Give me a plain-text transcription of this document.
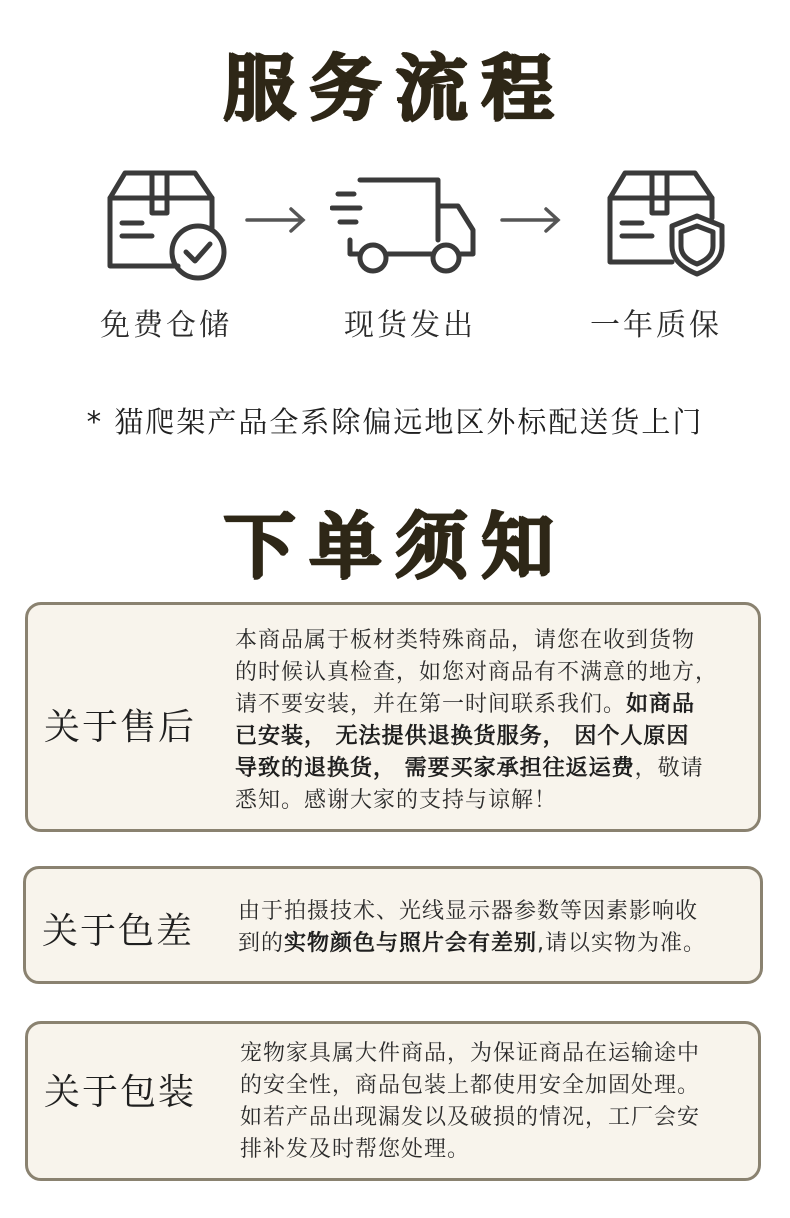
服务流程
免费仓储	现货发出	一年质保
* 猫爬架产品全系除偏远地区外标配送货上门
下单须知
关于售后
本商品属于板材类特殊商品，请您在收到货物
的时候认真检查，如您对商品有不满意的地方，
请不要安装，并在第一时间联系我们。如商品
已安装， 无法提供退换货服务， 因个人原因
导致的退换货， 需要买家承担往返运费，敬请
悉知。感谢大家的支持与谅解！
关于色差 由于拍摄技术、光线显示器参数等因素影响收
到的实物颜色与照片会有差别,请以实物为准。
关于包装
宠物家具属大件商品，为保证商品在运输途中
的安全性，商品包装上都使用安全加固处理。
如若产品出现漏发以及破损的情况，工厂会安
排补发及时帮您处理。
